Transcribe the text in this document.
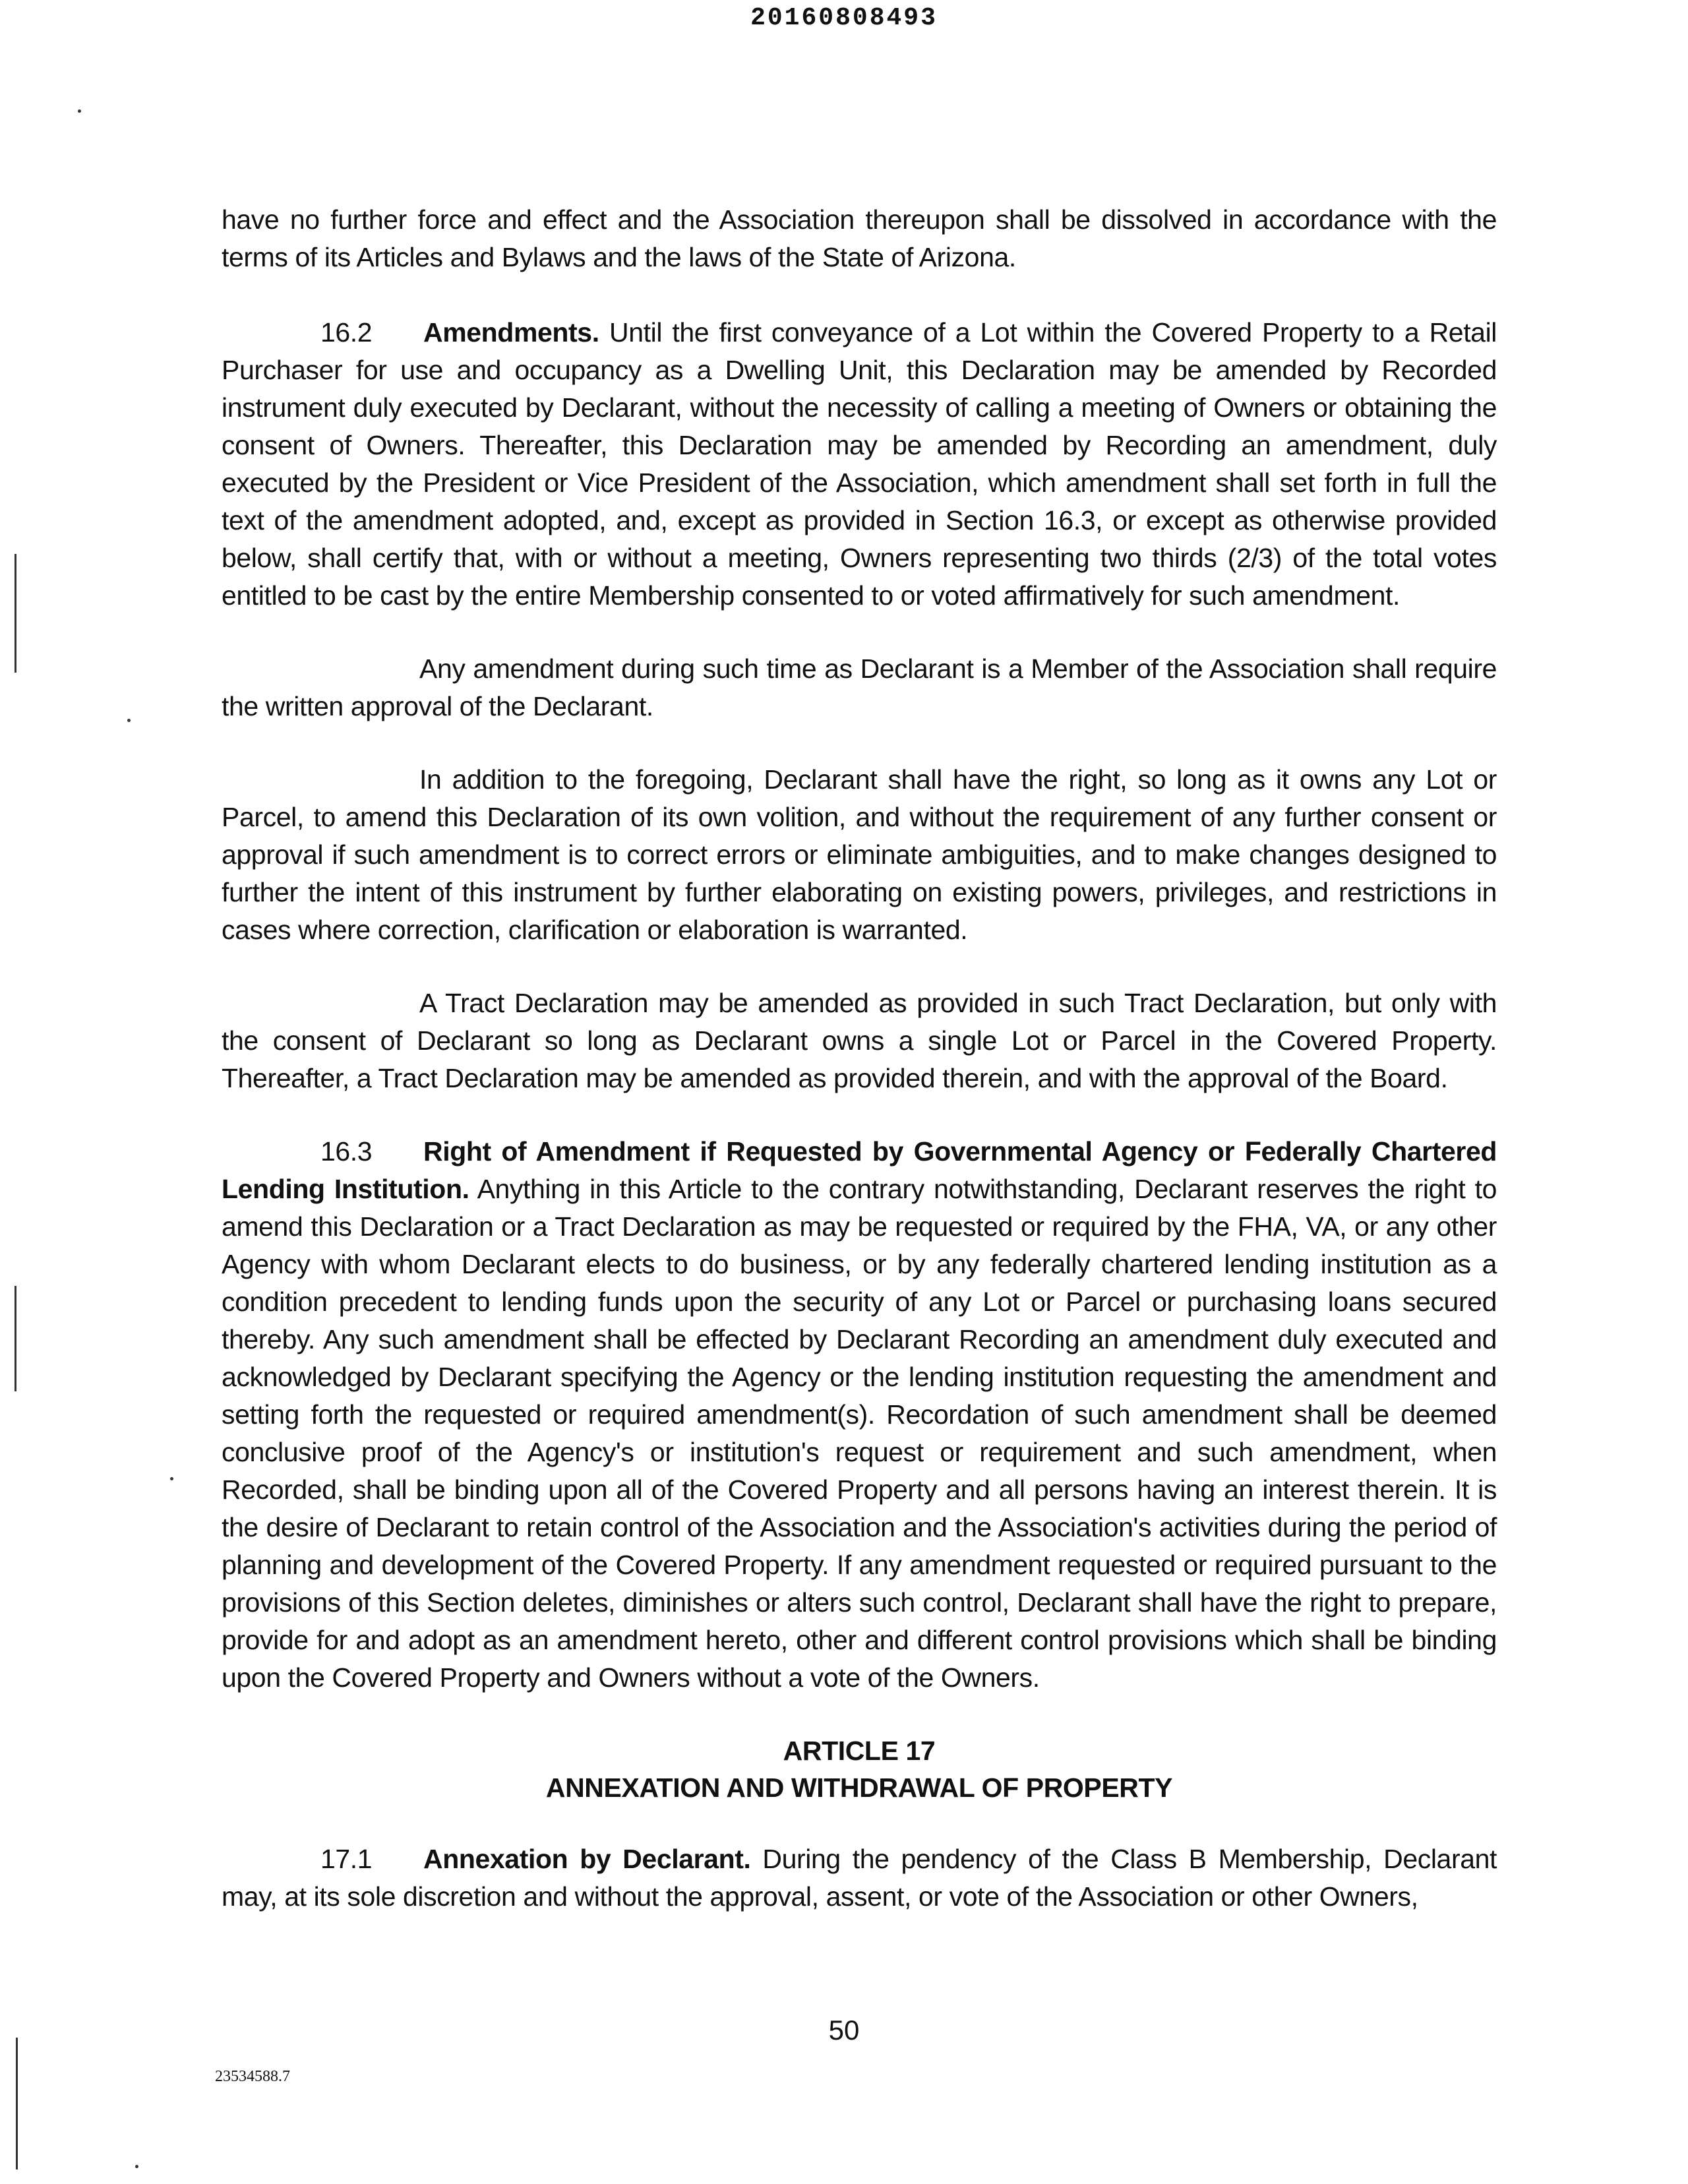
20160808493

have no further force and effect and the Association thereupon shall be dissolved in accordance with the terms of its Articles and Bylaws and the laws of the State of Arizona.

16.2 Amendments. Until the first conveyance of a Lot within the Covered Property to a Retail Purchaser for use and occupancy as a Dwelling Unit, this Declaration may be amended by Recorded instrument duly executed by Declarant, without the necessity of calling a meeting of Owners or obtaining the consent of Owners. Thereafter, this Declaration may be amended by Recording an amendment, duly executed by the President or Vice President of the Association, which amendment shall set forth in full the text of the amendment adopted, and, except as provided in Section 16.3, or except as otherwise provided below, shall certify that, with or without a meeting, Owners representing two thirds (2/3) of the total votes entitled to be cast by the entire Membership consented to or voted affirmatively for such amendment.

Any amendment during such time as Declarant is a Member of the Association shall require the written approval of the Declarant.

In addition to the foregoing, Declarant shall have the right, so long as it owns any Lot or Parcel, to amend this Declaration of its own volition, and without the requirement of any further consent or approval if such amendment is to correct errors or eliminate ambiguities, and to make changes designed to further the intent of this instrument by further elaborating on existing powers, privileges, and restrictions in cases where correction, clarification or elaboration is warranted.

A Tract Declaration may be amended as provided in such Tract Declaration, but only with the consent of Declarant so long as Declarant owns a single Lot or Parcel in the Covered Property. Thereafter, a Tract Declaration may be amended as provided therein, and with the approval of the Board.

16.3 Right of Amendment if Requested by Governmental Agency or Federally Chartered Lending Institution. Anything in this Article to the contrary notwithstanding, Declarant reserves the right to amend this Declaration or a Tract Declaration as may be requested or required by the FHA, VA, or any other Agency with whom Declarant elects to do business, or by any federally chartered lending institution as a condition precedent to lending funds upon the security of any Lot or Parcel or purchasing loans secured thereby. Any such amendment shall be effected by Declarant Recording an amendment duly executed and acknowledged by Declarant specifying the Agency or the lending institution requesting the amendment and setting forth the requested or required amendment(s). Recordation of such amendment shall be deemed conclusive proof of the Agency's or institution's request or requirement and such amendment, when Recorded, shall be binding upon all of the Covered Property and all persons having an interest therein. It is the desire of Declarant to retain control of the Association and the Association's activities during the period of planning and development of the Covered Property. If any amendment requested or required pursuant to the provisions of this Section deletes, diminishes or alters such control, Declarant shall have the right to prepare, provide for and adopt as an amendment hereto, other and different control provisions which shall be binding upon the Covered Property and Owners without a vote of the Owners.

ARTICLE 17
ANNEXATION AND WITHDRAWAL OF PROPERTY

17.1 Annexation by Declarant. During the pendency of the Class B Membership, Declarant may, at its sole discretion and without the approval, assent, or vote of the Association or other Owners,

50
23534588.7
